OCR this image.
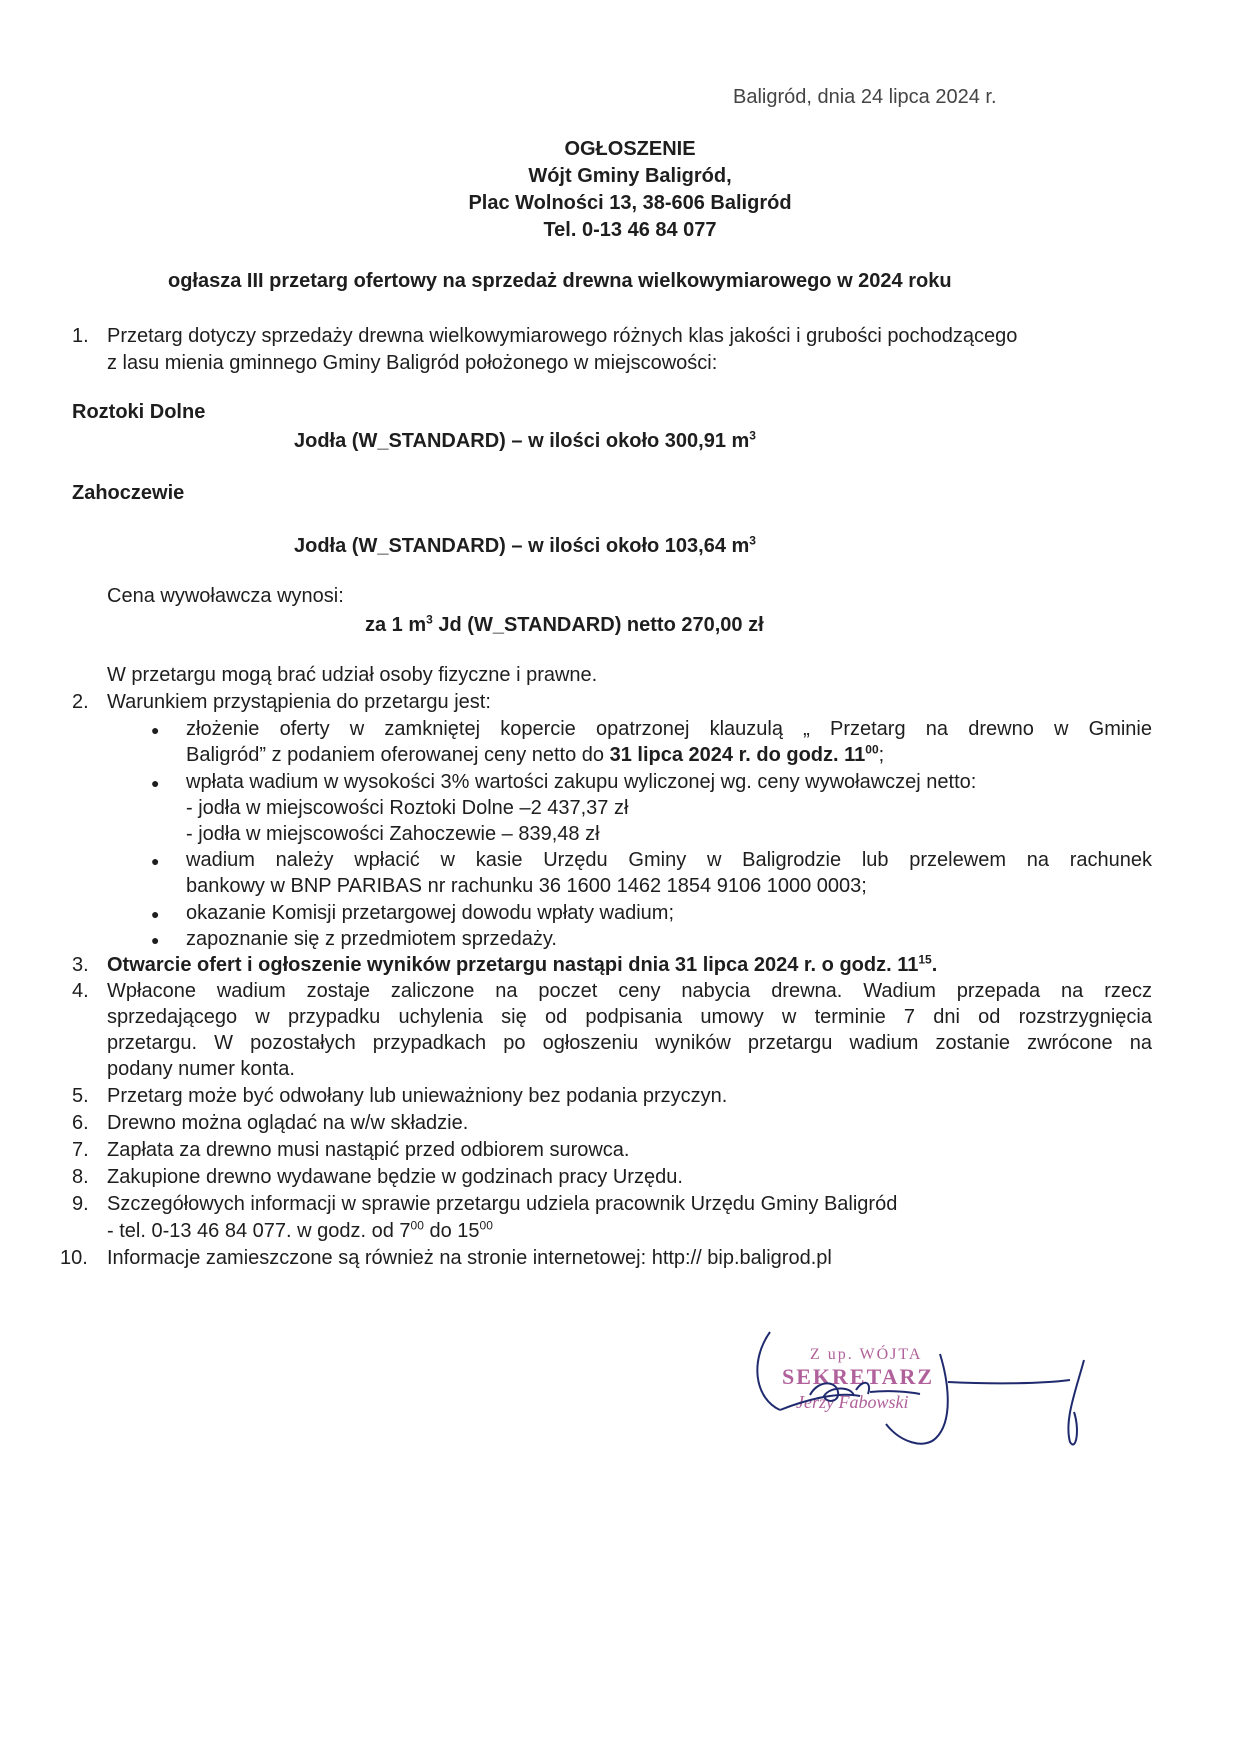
Baligród, dnia 24 lipca 2024 r.
OGŁOSZENIE
Wójt Gminy Baligród,
Plac Wolności 13, 38-606 Baligród
Tel. 0-13 46 84 077
ogłasza III przetarg ofertowy na sprzedaż drewna wielkowymiarowego w 2024 roku
1. Przetarg dotyczy sprzedaży drewna wielkowymiarowego różnych klas jakości i grubości pochodzącego
z lasu mienia gminnego Gminy Baligród położonego w miejscowości:
Roztoki Dolne
Jodła (W_STANDARD) – w ilości około 300,91 $m^3$
Zahoczewie
Jodła (W_STANDARD) – w ilości około 103,64 $m^3$
Cena wywoławcza wynosi:
za 1 $m^3$ Jd (W_STANDARD) netto 270,00 zł
W przetargu mogą brać udział osoby fizyczne i prawne.
2. Warunkiem przystąpienia do przetargu jest:
● złożenie oferty w zamkniętej kopercie opatrzonej klauzulą „ Przetarg na drewno w Gminie
Baligród” z podaniem oferowanej ceny netto do 31 lipca 2024 r. do godz. $11^{00}$;
● wpłata wadium w wysokości 3% wartości zakupu wyliczonej wg. ceny wywoławczej netto:
- jodła w miejscowości Roztoki Dolne –2 437,37 zł
- jodła w miejscowości Zahoczewie – 839,48 zł
● wadium należy wpłacić w kasie Urzędu Gminy w Baligrodzie lub przelewem na rachunek
bankowy w BNP PARIBAS nr rachunku 36 1600 1462 1854 9106 1000 0003;
● okazanie Komisji przetargowej dowodu wpłaty wadium;
● zapoznanie się z przedmiotem sprzedaży.
3. Otwarcie ofert i ogłoszenie wyników przetargu nastąpi dnia 31 lipca 2024 r. o godz. $11^{15}$.
4. Wpłacone wadium zostaje zaliczone na poczet ceny nabycia drewna. Wadium przepada na rzecz
sprzedającego w przypadku uchylenia się od podpisania umowy w terminie 7 dni od rozstrzygnięcia
przetargu. W pozostałych przypadkach po ogłoszeniu wyników przetargu wadium zostanie zwrócone na
podany numer konta.
5. Przetarg może być odwołany lub unieważniony bez podania przyczyn.
6. Drewno można oglądać na w/w składzie.
7. Zapłata za drewno musi nastąpić przed odbiorem surowca.
8. Zakupione drewno wydawane będzie w godzinach pracy Urzędu.
9. Szczegółowych informacji w sprawie przetargu udziela pracownik Urzędu Gminy Baligród
- tel. 0-13 46 84 077. w godz. od $7^{00}$ do $15^{00}$
10. Informacje zamieszczone są również na stronie internetowej: http:// bip.baligrod.pl
Z up. WÓJTA
SEKRETARZ
Jerzy Fabowski
